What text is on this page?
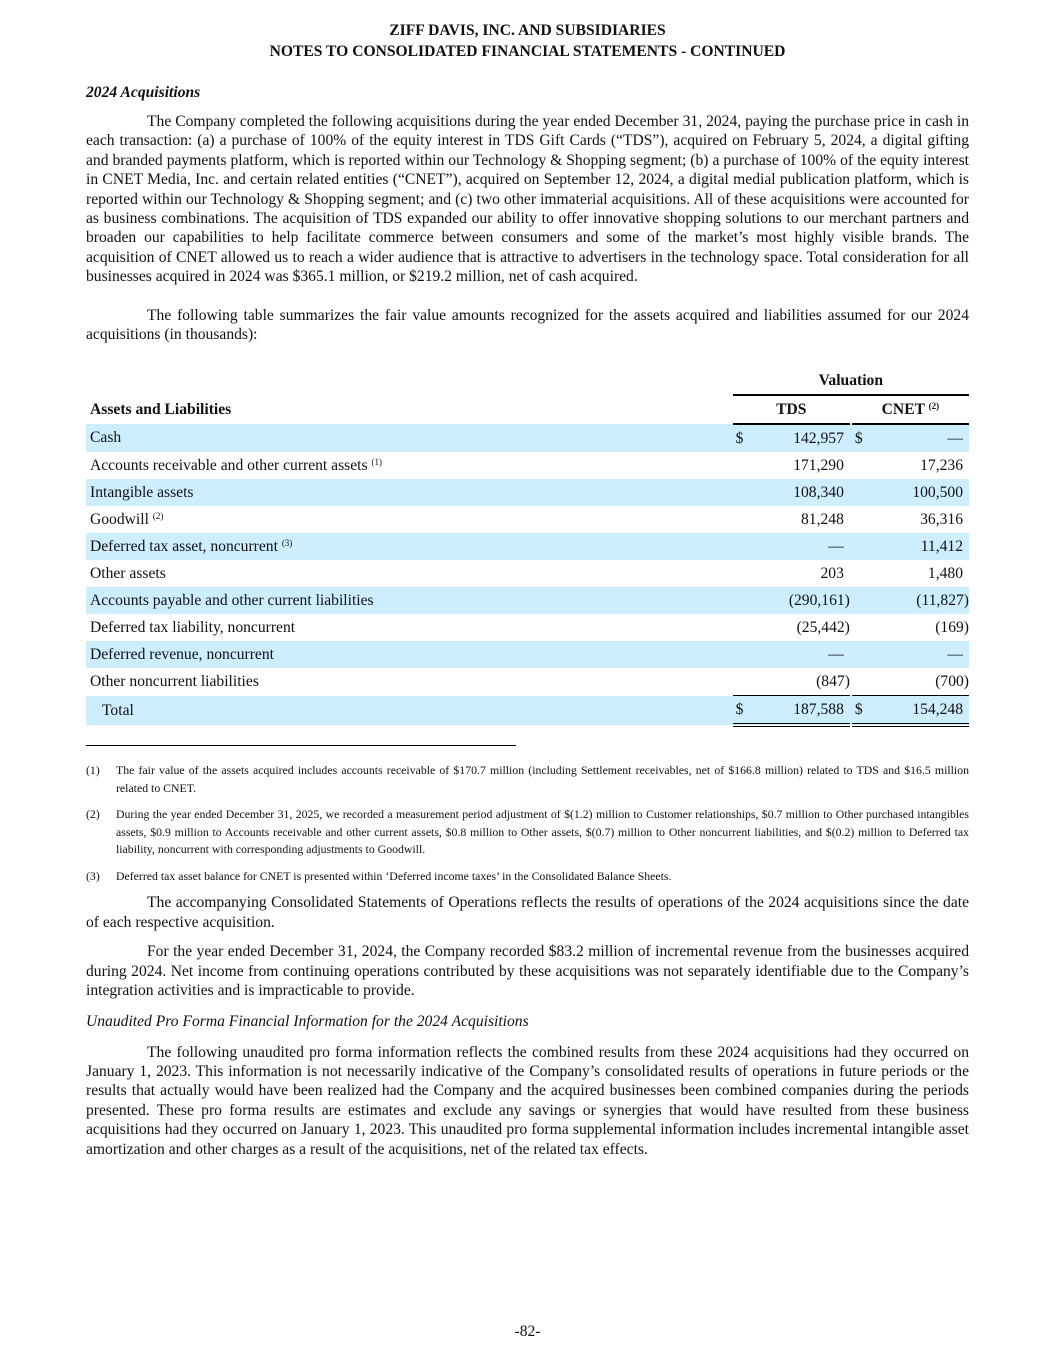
ZIFF DAVIS, INC. AND SUBSIDIARIES
NOTES TO CONSOLIDATED FINANCIAL STATEMENTS - CONTINUED
2024 Acquisitions

The Company completed the following acquisitions during the year ended December 31, 2024, paying the purchase price in cash in each transaction: (a) a purchase of 100% of the equity interest in TDS Gift Cards (“TDS”), acquired on February 5, 2024, a digital gifting and branded payments platform, which is reported within our Technology & Shopping segment; (b) a purchase of 100% of the equity interest in CNET Media, Inc. and certain related entities (“CNET”), acquired on September 12, 2024, a digital medial publication platform, which is reported within our Technology & Shopping segment; and (c) two other immaterial acquisitions. All of these acquisitions were accounted for as business combinations. The acquisition of TDS expanded our ability to offer innovative shopping solutions to our merchant partners and broaden our capabilities to help facilitate commerce between consumers and some of the market’s most highly visible brands. The acquisition of CNET allowed us to reach a wider audience that is attractive to advertisers in the technology space. Total consideration for all businesses acquired in 2024 was $365.1 million, or $219.2 million, net of cash acquired.

The following table summarizes the fair value amounts recognized for the assets acquired and liabilities assumed for our 2024 acquisitions (in thousands):

	Valuation				
Assets and Liabilities	TDS			CNET $^{(2)}$
Cash	$	142,957		$	—
Accounts receivable and other current assets $^{(1)}$		171,290			17,236
Intangible assets		108,340			100,500
Goodwill $^{(2)}$		81,248			36,316
Deferred tax asset, noncurrent $^{(3)}$		—			11,412
Other assets		203			1,480
Accounts payable and other current liabilities		(290,161)			(11,827)
Deferred tax liability, noncurrent		(25,442)			(169)
Deferred revenue, noncurrent		—			—
Other noncurrent liabilities		(847)			(700)
Total	$	187,588		$	154,248
(1)	The fair value of the assets acquired includes accounts receivable of $170.7 million (including Settlement receivables, net of $166.8 million) related to TDS and $16.5 million related to CNET.
(2)	During the year ended December 31, 2025, we recorded a measurement period adjustment of $(1.2) million to Customer relationships, $0.7 million to Other purchased intangibles assets, $0.9 million to Accounts receivable and other current assets, $0.8 million to Other assets, $(0.7) million to Other noncurrent liabilities, and $(0.2) million to Deferred tax liability, noncurrent with corresponding adjustments to Goodwill.
(3)	Deferred tax asset balance for CNET is presented within ‘Deferred income taxes’ in the Consolidated Balance Sheets.

The accompanying Consolidated Statements of Operations reflects the results of operations of the 2024 acquisitions since the date of each respective acquisition.

For the year ended December 31, 2024, the Company recorded $83.2 million of incremental revenue from the businesses acquired during 2024. Net income from continuing operations contributed by these acquisitions was not separately identifiable due to the Company’s integration activities and is impracticable to provide.

Unaudited Pro Forma Financial Information for the 2024 Acquisitions

The following unaudited pro forma information reflects the combined results from these 2024 acquisitions had they occurred on January 1, 2023. This information is not necessarily indicative of the Company’s consolidated results of operations in future periods or the results that actually would have been realized had the Company and the acquired businesses been combined companies during the periods presented. These pro forma results are estimates and exclude any savings or synergies that would have resulted from these business acquisitions had they occurred on January 1, 2023. This unaudited pro forma supplemental information includes incremental intangible asset amortization and other charges as a result of the acquisitions, net of the related tax effects.

-82-
